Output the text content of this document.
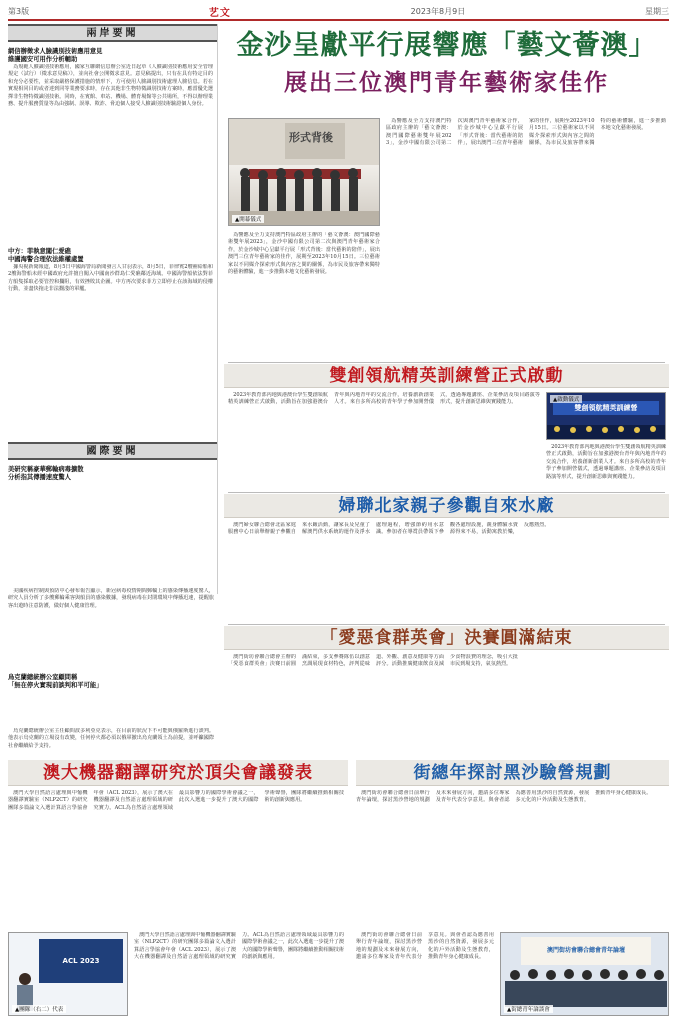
第3版	艺文	2023年8月9日	星期三
兩岸要聞
網信辦徵求人臉識別技術應用意見
維護國安可用作分析輔助
為規範人臉識別技術應用，國家互聯網信息辦公室近日起草《人臉識別技術應用安全管理規定（試行）（徵求意見稿）》，並向社會公開徵求意見。意見稿提出，只有在具有特定目的和充分必要性，並采取嚴格保護措施的情形下，方可使用人臉識別技術處理人臉信息。若在實現相同目的或者達到同等業務要求時，存在其他非生物特徵識別技術方案時，應當優先選擇非生物特徵識別技術。同時，在賓館、車站、機場、體育場館等公共場所，不得以辦理業務、提升服務質量等為由強制、誤導、欺詐、脅迫個人接受人臉識別技術驗證個人身份。
中方：菲執意闖仁愛礁
中國海警合理依法維權處置
據央視新聞報道，8月5日中國海警局新聞發言人甘羽表示，8月5日，菲律賓2艘補給船和2艘海警船未經中國政府允許擅自闖入中國南沙群島仁愛礁鄰近海域。中國海警船依法對菲方船隻採取必要管控和攔阻，有效挫敗其企圖。中方再次要求菲方立即停止在該海域的侵權行動，並盡快拖走非法擱淺的軍艦。
國際要聞
美研究稱豪華郵輪病毒擴散
分析指其傳播速度驚人
美國疾病控制與預防中心發布報告顯示，新冠病毒疫情期間郵輪上的感染傳播速度驚人，研究人員分析了多艘郵輪乘客與船員的感染數據，發現病毒在封閉環境中傳播迅速，提醒旅客出遊時注意防護，做好個人健康管理。
烏克蘭總統辦公室顧問稱
「無在停火實現前談判和平可能」
烏克蘭總統辦公室主任顧問波多利亞克表示，在目前的狀況下不可能與俄羅斯進行談判。他表示烏克蘭的立場沒有改變，任何停火都必須以俄軍撤出烏克蘭領土為前提，並呼籲國際社會繼續給予支持。
金沙呈獻平行展響應「藝文薈澳」
展出三位澳門青年藝術家佳作
形式背後
▲開幕儀式
為響應及全力支持澳門特區政府主辦的「藝文薈澳：澳門國際藝術雙年展2023」，金沙中國有限公司第二次與澳門青年藝術家合作，於金沙城中心呈獻平行展「形式背後：當代藝術的陪伴」，展出澳門三位青年藝術家的佳作，展期至2023年10月15日。三位藝術家以不同媒介探索形式與內容之間的關係，為市民及旅客帶來獨特的藝術體驗，進一步推動本地文化藝術發展。
為響應及全力支持澳門特區政府主辦的「藝文薈澳：澳門國際藝術雙年展2023」，金沙中國有限公司第二次與澳門青年藝術家合作，於金沙城中心呈獻平行展「形式背後：當代藝術的陪伴」，展出澳門三位青年藝術家的佳作，展期至2023年10月15日。三位藝術家以不同媒介探索形式與內容之間的關係，為市民及旅客帶來獨特的藝術體驗，進一步推動本地文化藝術發展。
雙創領航精英訓練營正式啟動
2023年教育部內地與港澳台學生雙創領航精英訓練營正式啟動，活動旨在加強港澳台青年與內地青年的交流合作，培養創新創業人才。來自多所高校的青年學子參加開營儀式，透過專題講座、企業參訪及項目路演等形式，提升創新思維與實踐能力。
雙創領航精英訓練營
▲啟動儀式
2023年教育部內地與港澳台學生雙創領航精英訓練營正式啟動，活動旨在加強港澳台青年與內地青年的交流合作，培養創新創業人才。來自多所高校的青年學子參加開營儀式，透過專題講座、企業參訪及項目路演等形式，提升創新思維與實踐能力。
婦聯北家親子參觀自來水廠
澳門婦女聯合總會北區家庭服務中心日前舉辦親子參觀自來水廠活動，讓家長及兒童了解澳門供水系統的運作及淨水處理過程，增強節約用水意識。參加者在導賞員帶領下參觀各處理設施，親身體驗水資源得來不易，活動寓教於樂，反應熱烈。
「愛惡食群英會」決賽圓滿結束
澳門街坊會聯合總會主辦的「愛惡食群英會」決賽日前圓滿結束，多支參賽隊伍以創意烹調展現食材特色，評判從味道、外觀、創意及健康等方面評分。活動推廣健康飲食及減少食物浪費的理念，吸引大批市民到場支持，氣氛熱烈。
澳大機器翻譯研究於頂尖會議發表	街總年探討黑沙驗營規劃
澳門大學自然語言處理與中葡機器翻譯實驗室（NLP2CT）的研究團隊多篇論文入選計算語言學協會年會（ACL 2023），展示了澳大在機器翻譯及自然語言處理領域的研究實力。ACL為自然語言處理領域最具影響力的國際學術會議之一，此次入選進一步提升了澳大的國際學術聲譽，團隊將繼續推動相關技術的創新與應用。
ACL 2023
▲團隊（右二）代表
澳門大學自然語言處理與中葡機器翻譯實驗室（NLP2CT）的研究團隊多篇論文入選計算語言學協會年會（ACL 2023），展示了澳大在機器翻譯及自然語言處理領域的研究實力。ACL為自然語言處理領域最具影響力的國際學術會議之一，此次入選進一步提升了澳大的國際學術聲譽，團隊將繼續推動相關技術的創新與應用。
澳門街坊會聯合總會日前舉行青年論壇，探討黑沙營地的規劃及未來發展方向，邀請多位專家及青年代表分享意見。與會者認為應善用黑沙的自然資源，發展多元化的戶外活動及生態教育，推動青年身心健康成長。
澳門街坊會聯合總會青年論壇
▲街總青年論談會
澳門街坊會聯合總會日前舉行青年論壇，探討黑沙營地的規劃及未來發展方向，邀請多位專家及青年代表分享意見。與會者認為應善用黑沙的自然資源，發展多元化的戶外活動及生態教育，推動青年身心健康成長。
